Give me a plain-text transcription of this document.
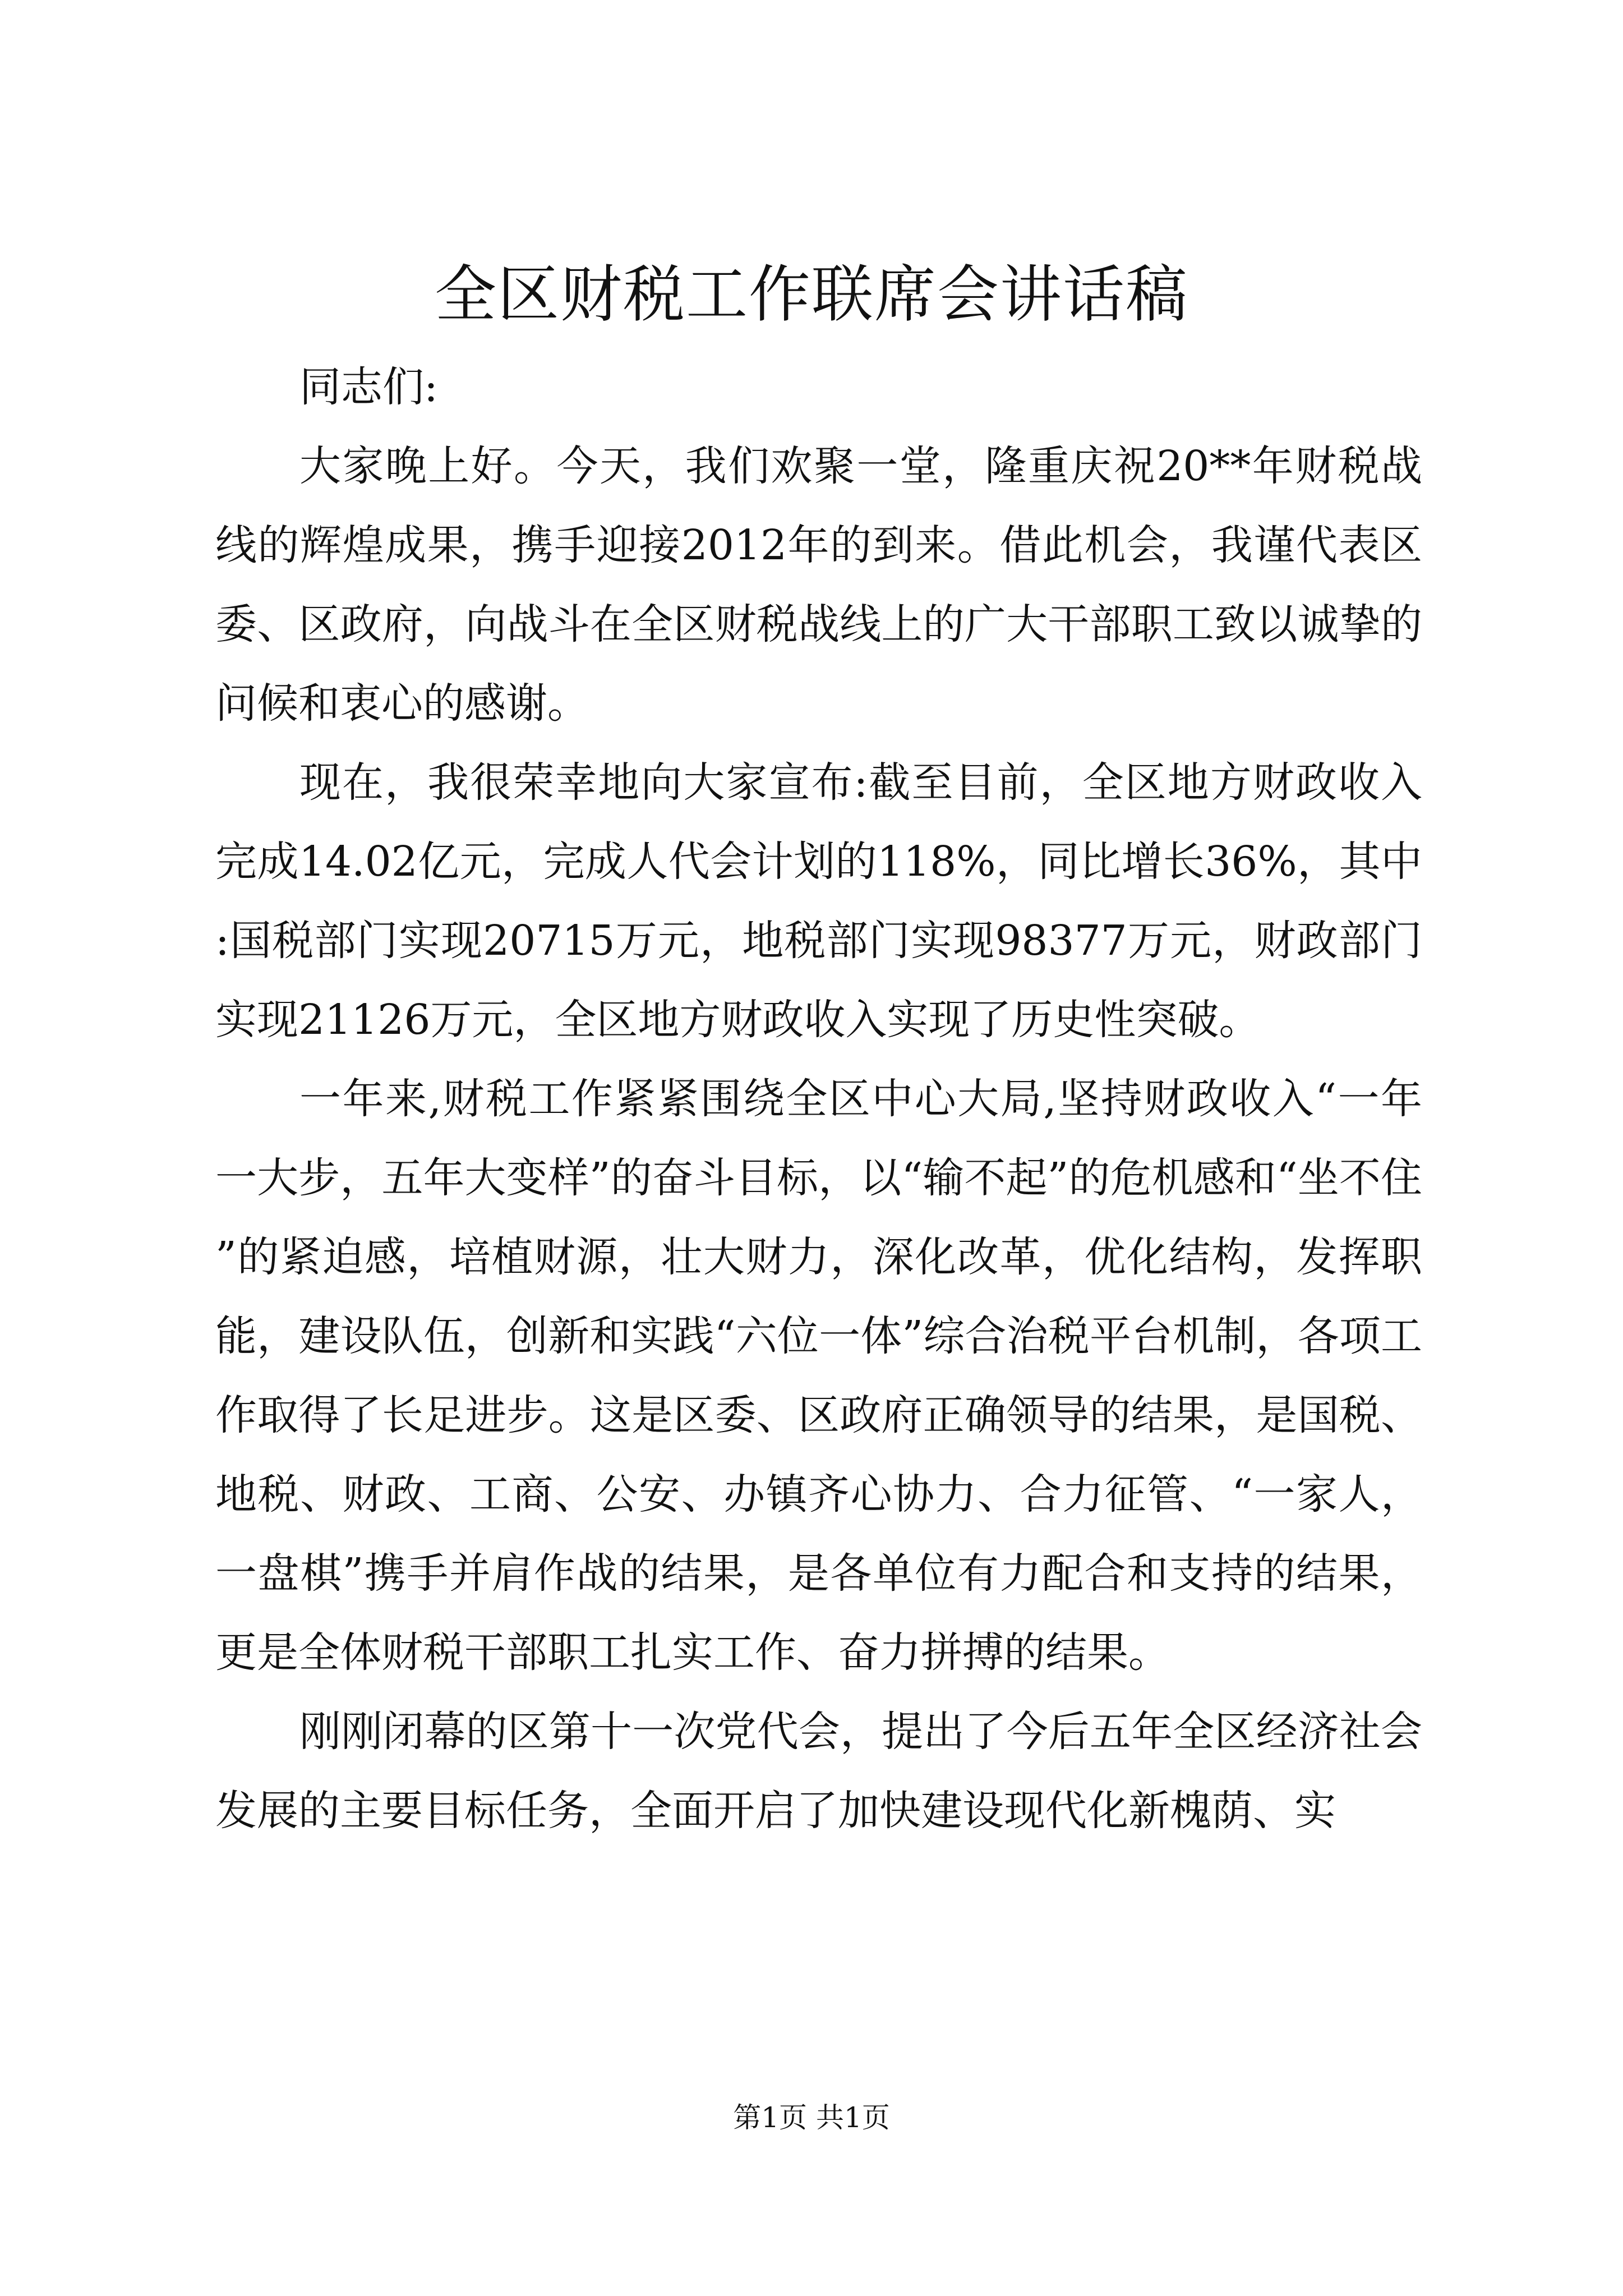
全区财税工作联席会讲话稿

同志们:

大家晚上好。今天，我们欢聚一堂，隆重庆祝20**年财税战线的辉煌成果，携手迎接2012年的到来。借此机会，我谨代表区委、区政府，向战斗在全区财税战线上的广大干部职工致以诚挚的问候和衷心的感谢。

现在，我很荣幸地向大家宣布:截至目前，全区地方财政收入完成14.02亿元，完成人代会计划的118%，同比增长36%，其中:国税部门实现20715万元，地税部门实现98377万元，财政部门实现21126万元，全区地方财政收入实现了历史性突破。

一年来,财税工作紧紧围绕全区中心大局,坚持财政收入“一年一大步，五年大变样”的奋斗目标，以“输不起”的危机感和“坐不住”的紧迫感，培植财源，壮大财力，深化改革，优化结构，发挥职能，建设队伍，创新和实践“六位一体”综合治税平台机制，各项工作取得了长足进步。这是区委、区政府正确领导的结果，是国税、地税、财政、工商、公安、办镇齐心协力、合力征管、“一家人，一盘棋”携手并肩作战的结果，是各单位有力配合和支持的结果，更是全体财税干部职工扎实工作、奋力拼搏的结果。

刚刚闭幕的区第十一次党代会，提出了今后五年全区经济社会发展的主要目标任务，全面开启了加快建设现代化新槐荫、实

第1页 共1页
